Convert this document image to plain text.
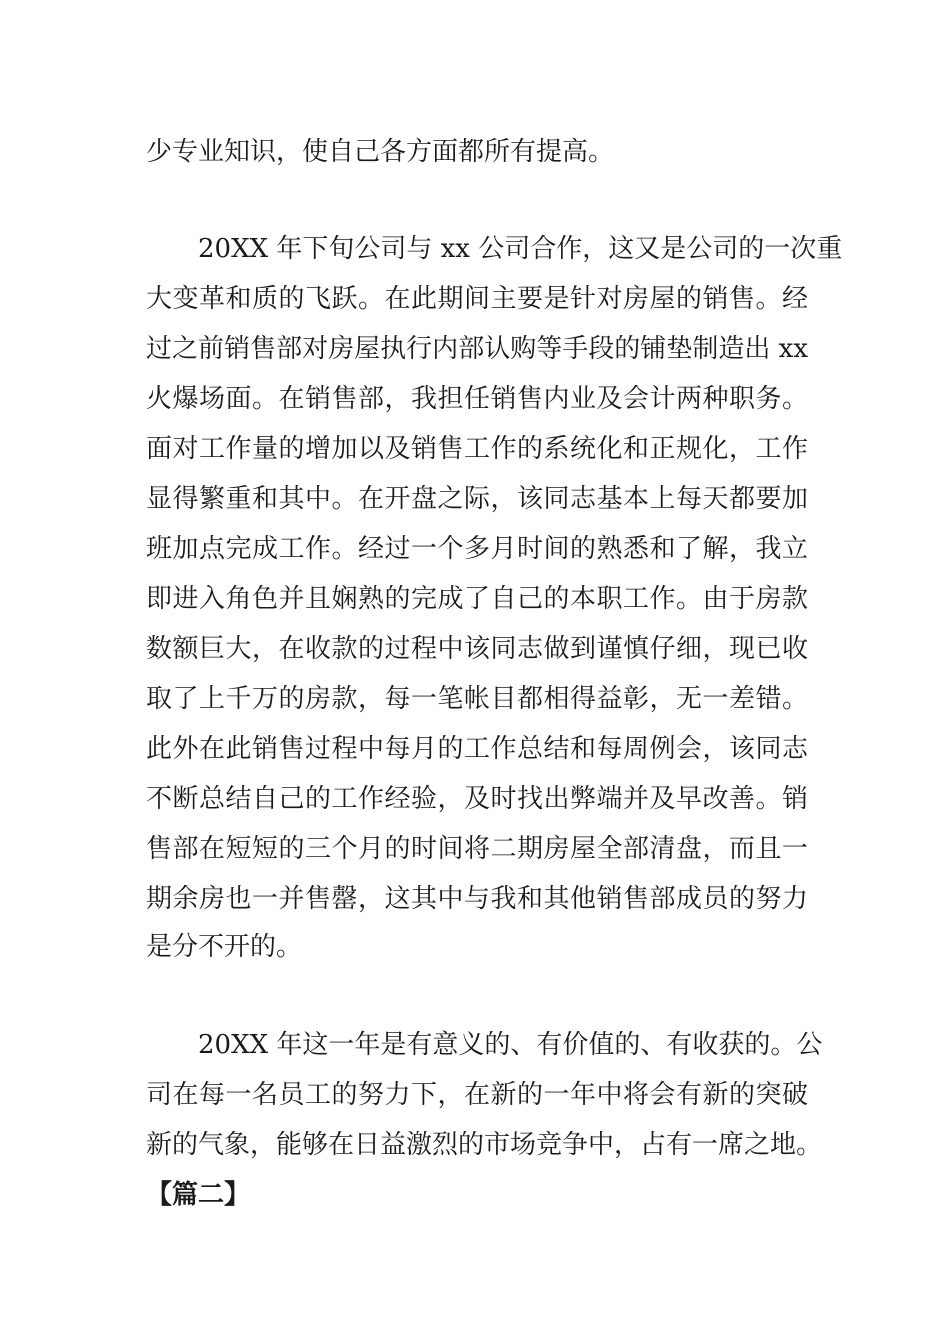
少专业知识，使自己各方面都所有提高。
20XX 年下旬公司与 xx 公司合作，这又是公司的一次重
大变革和质的飞跃。在此期间主要是针对房屋的销售。经
过之前销售部对房屋执行内部认购等手段的铺垫制造出 xx
火爆场面。在销售部，我担任销售内业及会计两种职务。
面对工作量的增加以及销售工作的系统化和正规化，工作
显得繁重和其中。在开盘之际，该同志基本上每天都要加
班加点完成工作。经过一个多月时间的熟悉和了解，我立
即进入角色并且娴熟的完成了自己的本职工作。由于房款
数额巨大，在收款的过程中该同志做到谨慎仔细，现已收
取了上千万的房款，每一笔帐目都相得益彰，无一差错。
此外在此销售过程中每月的工作总结和每周例会，该同志
不断总结自己的工作经验，及时找出弊端并及早改善。销
售部在短短的三个月的时间将二期房屋全部清盘，而且一
期余房也一并售罄，这其中与我和其他销售部成员的努力
是分不开的。
20XX 年这一年是有意义的、有价值的、有收获的。公
司在每一名员工的努力下，在新的一年中将会有新的突破
新的气象，能够在日益激烈的市场竞争中，占有一席之地。
【篇二】
